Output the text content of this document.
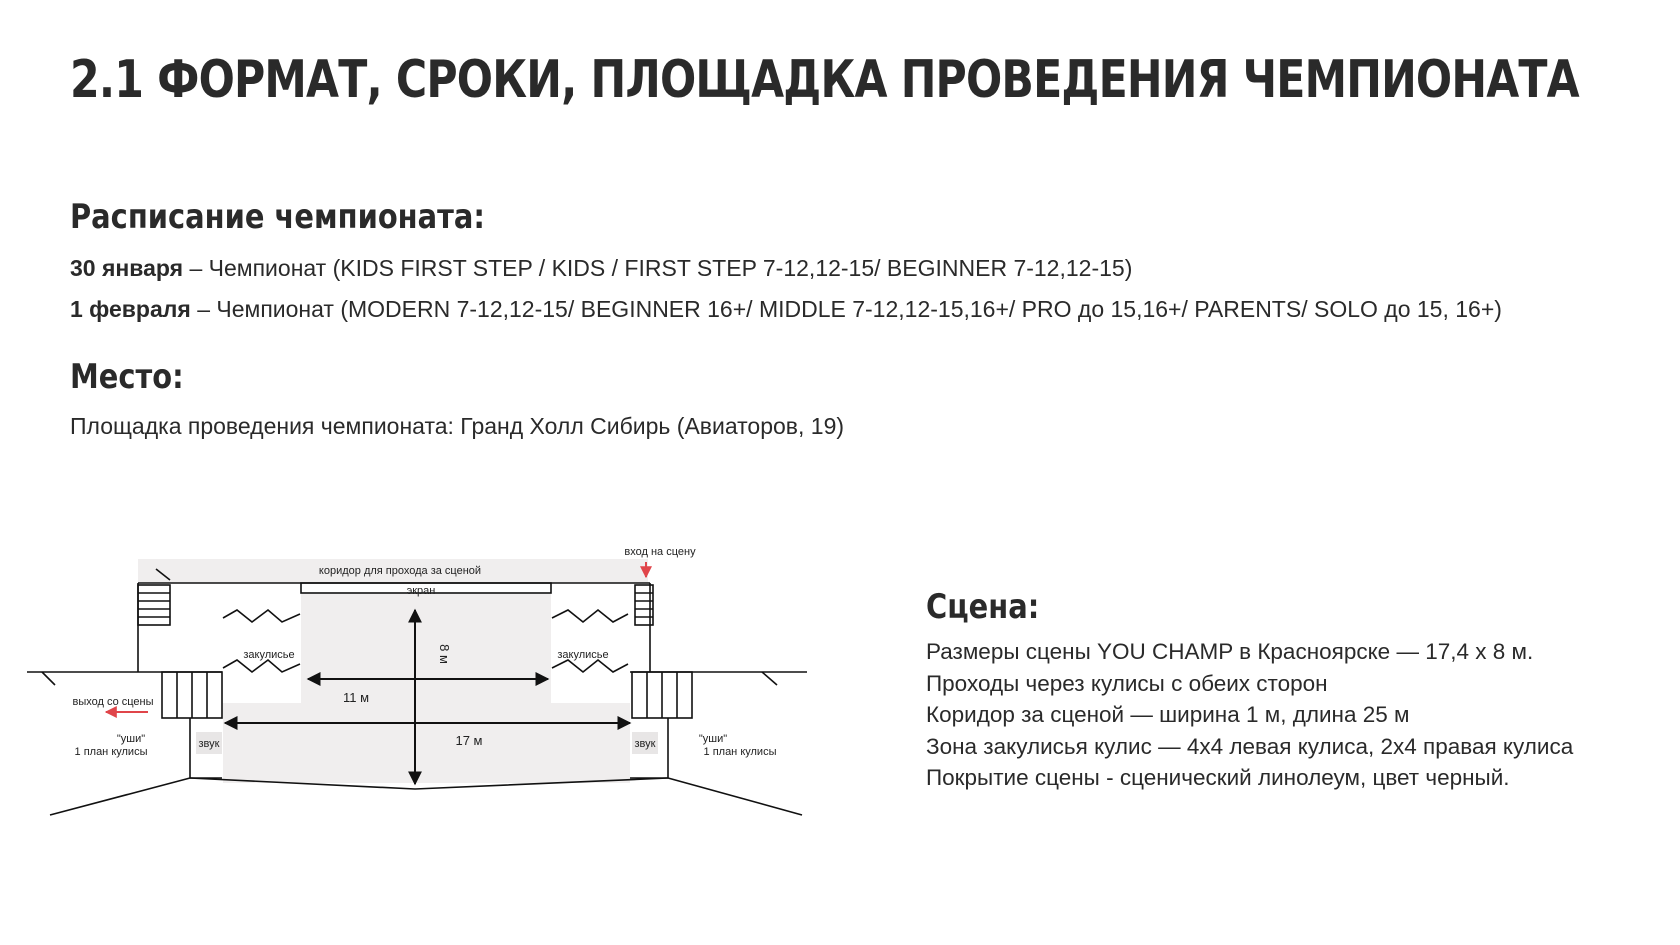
2.1 ФОРМАТ, СРОКИ, ПЛОЩАДКА ПРОВЕДЕНИЯ ЧЕМПИОНАТА
Расписание чемпионата:
30 января – Чемпионат (KIDS FIRST STEP / KIDS / FIRST STEP 7-12,12-15/ BEGINNER 7-12,12-15)
1 февраля – Чемпионат (MODERN 7-12,12-15/ BEGINNER 16+/ MIDDLE 7-12,12-15,16+/ PRO до 15,16+/ PARENTS/ SOLO до 15, 16+)
Место:
Площадка проведения чемпионата: Гранд Холл Сибирь (Авиаторов, 19)
коридор для прохода за сценой
вход на сцену
экран
закулисье	закулисье
8 м
11 м
17 м
выход со сцены
"уши"
1 план кулисы
"уши"
1 план кулисы
звук	звук
Сцена:
Размеры сцены YOU CHAMP в Красноярске — 17,4 х 8 м.
Проходы через кулисы с обеих сторон
Коридор за сценой — ширина 1 м, длина 25 м
Зона закулисья кулис — 4х4 левая кулиса, 2х4 правая кулиса
Покрытие сцены - сценический линолеум, цвет черный.
